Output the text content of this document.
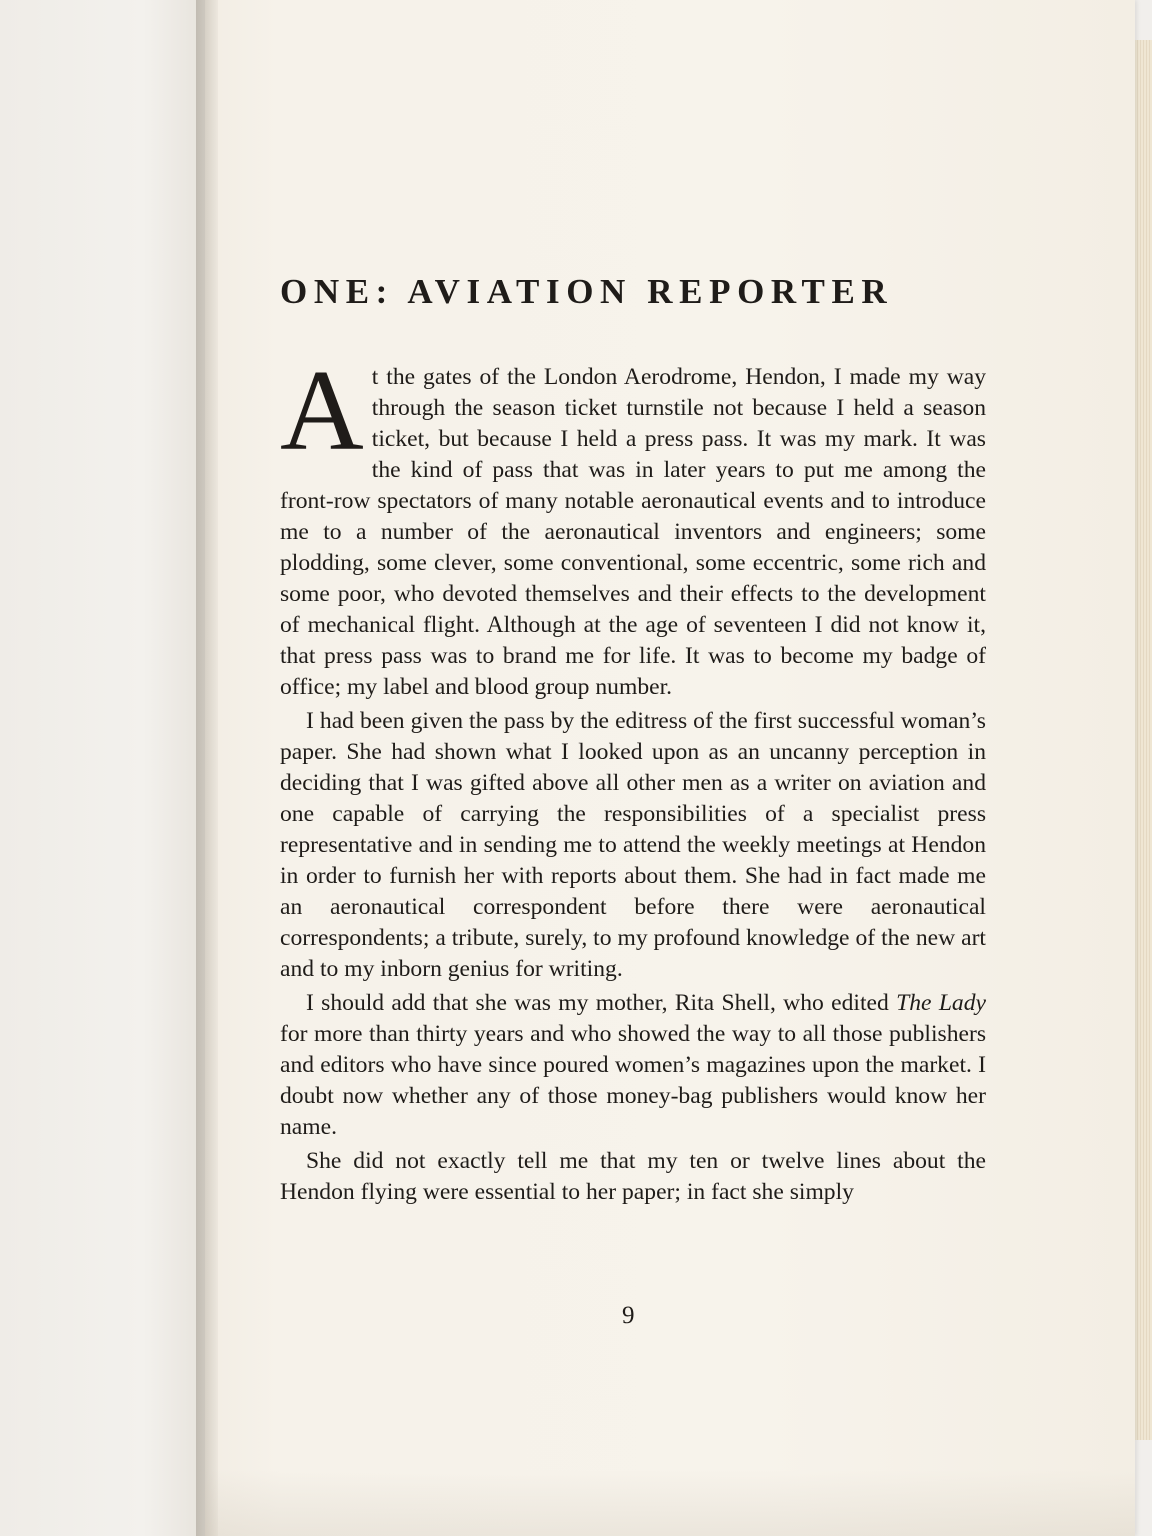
ONE: AVIATION REPORTER

At the gates of the London Aerodrome, Hendon, I made my way through the season ticket turnstile not because I held a season ticket, but because I held a press pass. It was my mark. It was the kind of pass that was in later years to put me among the front-row spectators of many notable aeronautical events and to introduce me to a number of the aeronautical inventors and engineers; some plodding, some clever, some conventional, some eccentric, some rich and some poor, who devoted themselves and their effects to the development of mechanical flight. Although at the age of seventeen I did not know it, that press pass was to brand me for life. It was to become my badge of office; my label and blood group number.

I had been given the pass by the editress of the first successful woman’s paper. She had shown what I looked upon as an uncanny perception in deciding that I was gifted above all other men as a writer on aviation and one capable of carrying the responsibilities of a specialist press representative and in sending me to attend the weekly meetings at Hendon in order to furnish her with reports about them. She had in fact made me an aeronautical correspondent before there were aeronautical correspondents; a tribute, surely, to my profound knowledge of the new art and to my inborn genius for writing.

I should add that she was my mother, Rita Shell, who edited The Lady for more than thirty years and who showed the way to all those publishers and editors who have since poured women’s magazines upon the market. I doubt now whether any of those money-bag publishers would know her name.

She did not exactly tell me that my ten or twelve lines about the Hendon flying were essential to her paper; in fact she simply

9
